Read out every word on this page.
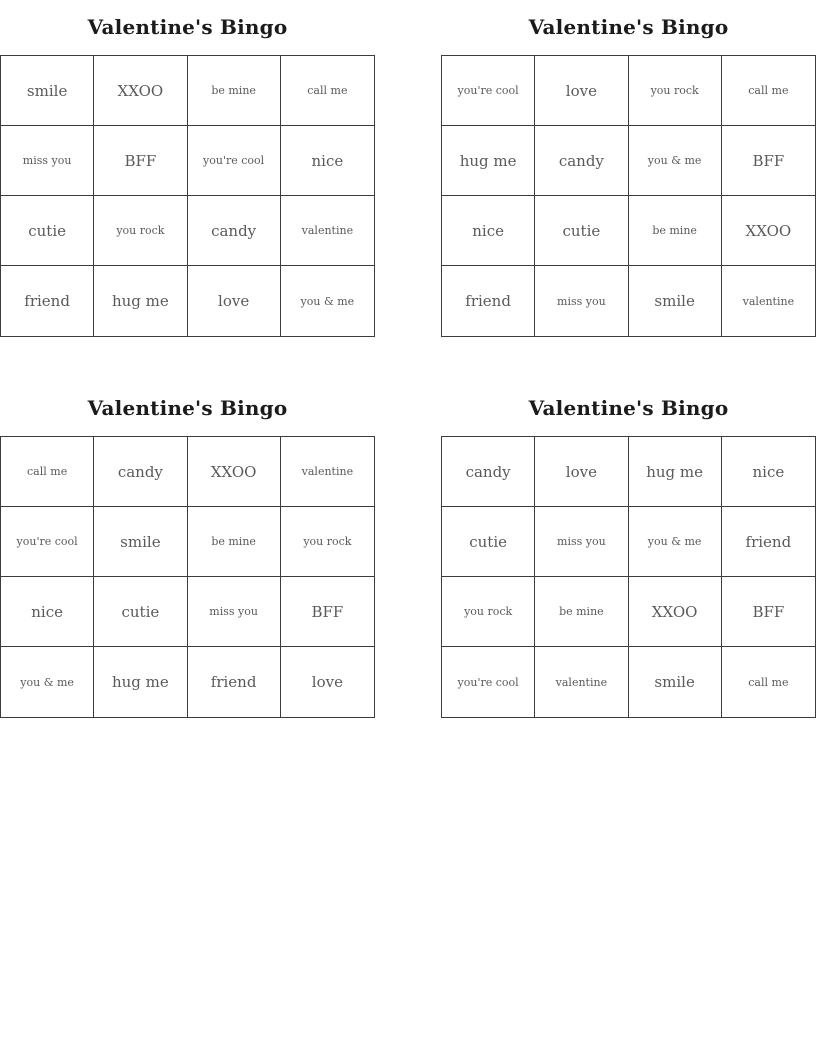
Valentine's Bingo
smile	XXOO	be mine	call me
miss you	BFF	you're cool	nice
cutie	you rock	candy	valentine
friend	hug me	love	you & me
Valentine's Bingo
you're cool	love	you rock	call me
hug me	candy	you & me	BFF
nice	cutie	be mine	XXOO
friend	miss you	smile	valentine
Valentine's Bingo
call me	candy	XXOO	valentine
you're cool	smile	be mine	you rock
nice	cutie	miss you	BFF
you & me	hug me	friend	love
Valentine's Bingo
candy	love	hug me	nice
cutie	miss you	you & me	friend
you rock	be mine	XXOO	BFF
you're cool	valentine	smile	call me
